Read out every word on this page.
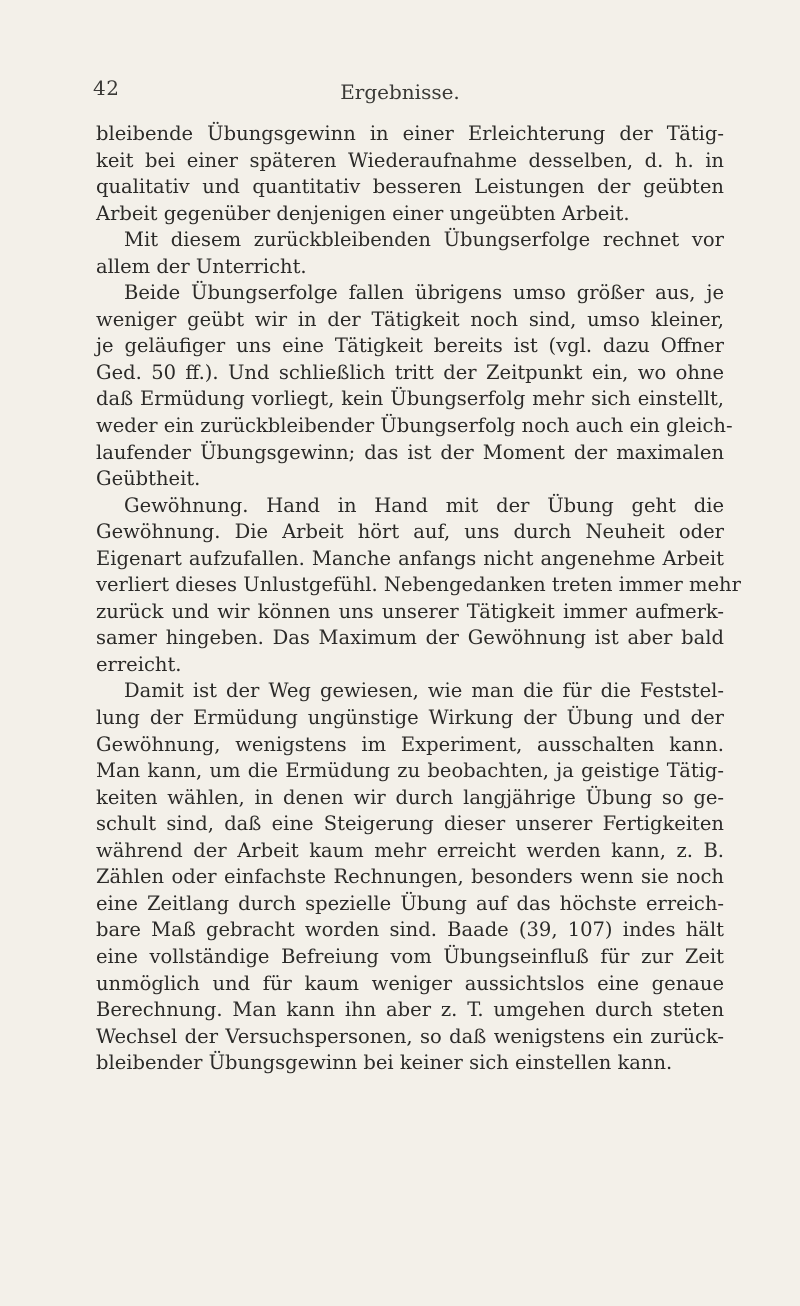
42	Ergebnisse.
bleibende Übungsgewinn in einer Erleichterung der Tätig-
keit bei einer späteren Wiederaufnahme desselben, d. h. in
qualitativ und quantitativ besseren Leistungen der geübten
Arbeit gegenüber denjenigen einer ungeübten Arbeit.
Mit diesem zurückbleibenden Übungserfolge rechnet vor
allem der Unterricht.
Beide Übungserfolge fallen übrigens umso größer aus, je
weniger geübt wir in der Tätigkeit noch sind, umso kleiner,
je geläufiger uns eine Tätigkeit bereits ist (vgl. dazu Offner
Ged. 50 ff.). Und schließlich tritt der Zeitpunkt ein, wo ohne
daß Ermüdung vorliegt, kein Übungserfolg mehr sich einstellt,
weder ein zurückbleibender Übungserfolg noch auch ein gleich-
laufender Übungsgewinn; das ist der Moment der maximalen
Geübtheit.
Gewöhnung. Hand in Hand mit der Übung geht die
Gewöhnung. Die Arbeit hört auf, uns durch Neuheit oder
Eigenart aufzufallen. Manche anfangs nicht angenehme Arbeit
verliert dieses Unlustgefühl. Nebengedanken treten immer mehr
zurück und wir können uns unserer Tätigkeit immer aufmerk-
samer hingeben. Das Maximum der Gewöhnung ist aber bald
erreicht.
Damit ist der Weg gewiesen, wie man die für die Feststel-
lung der Ermüdung ungünstige Wirkung der Übung und der
Gewöhnung, wenigstens im Experiment, ausschalten kann.
Man kann, um die Ermüdung zu beobachten, ja geistige Tätig-
keiten wählen, in denen wir durch langjährige Übung so ge-
schult sind, daß eine Steigerung dieser unserer Fertigkeiten
während der Arbeit kaum mehr erreicht werden kann, z. B.
Zählen oder einfachste Rechnungen, besonders wenn sie noch
eine Zeitlang durch spezielle Übung auf das höchste erreich-
bare Maß gebracht worden sind. Baade (39, 107) indes hält
eine vollständige Befreiung vom Übungseinfluß für zur Zeit
unmöglich und für kaum weniger aussichtslos eine genaue
Berechnung. Man kann ihn aber z. T. umgehen durch steten
Wechsel der Versuchspersonen, so daß wenigstens ein zurück-
bleibender Übungsgewinn bei keiner sich einstellen kann.
